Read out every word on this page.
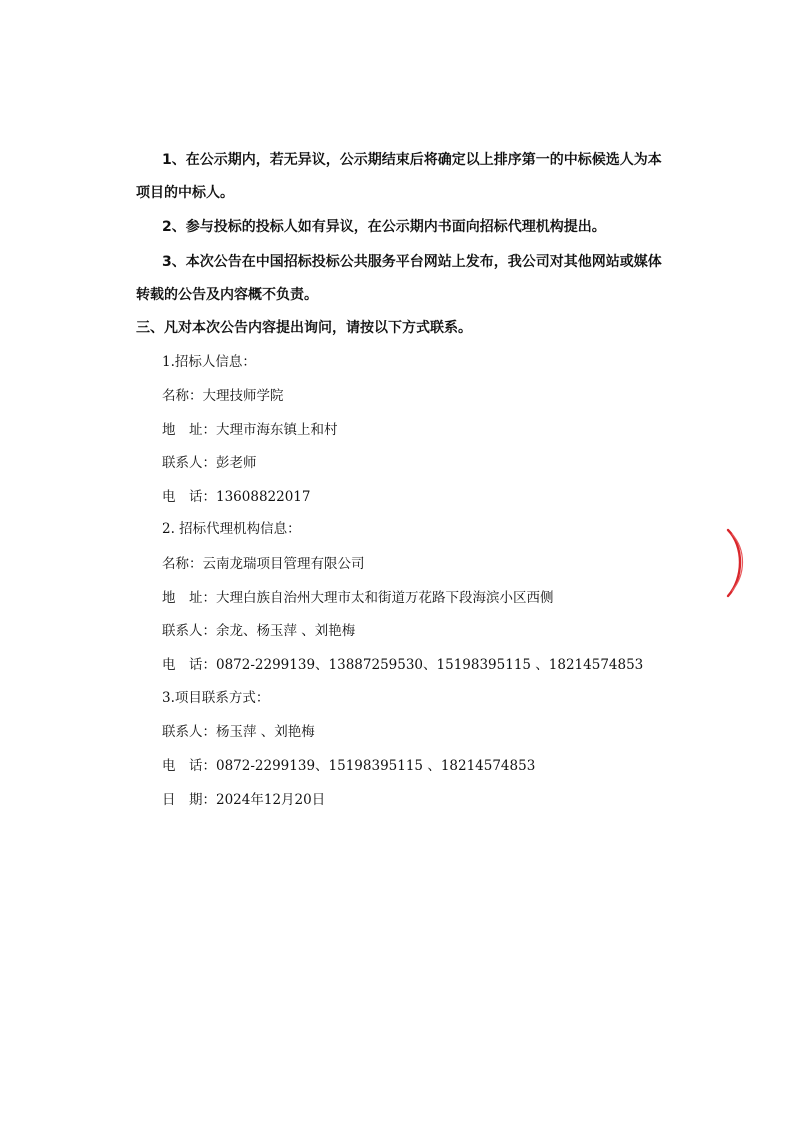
1、在公示期内，若无异议，公示期结束后将确定以上排序第一的中标候选人为本
项目的中标人。
2、参与投标的投标人如有异议，在公示期内书面向招标代理机构提出。
3、本次公告在中国招标投标公共服务平台网站上发布，我公司对其他网站或媒体
转载的公告及内容概不负责。
三、凡对本次公告内容提出询问，请按以下方式联系。
1.招标人信息：
名称：大理技师学院
地　址：大理市海东镇上和村
联系人：彭老师
电　话：13608822017
2. 招标代理机构信息：
名称：云南龙瑞项目管理有限公司
地　址：大理白族自治州大理市太和街道万花路下段海滨小区西侧
联系人：余龙、杨玉萍 、刘艳梅
电　话：0872-2299139、13887259530、15198395115 、18214574853
3.项目联系方式：
联系人：杨玉萍 、刘艳梅
电　话：0872-2299139、15198395115 、18214574853
日　期：2024年12月20日
